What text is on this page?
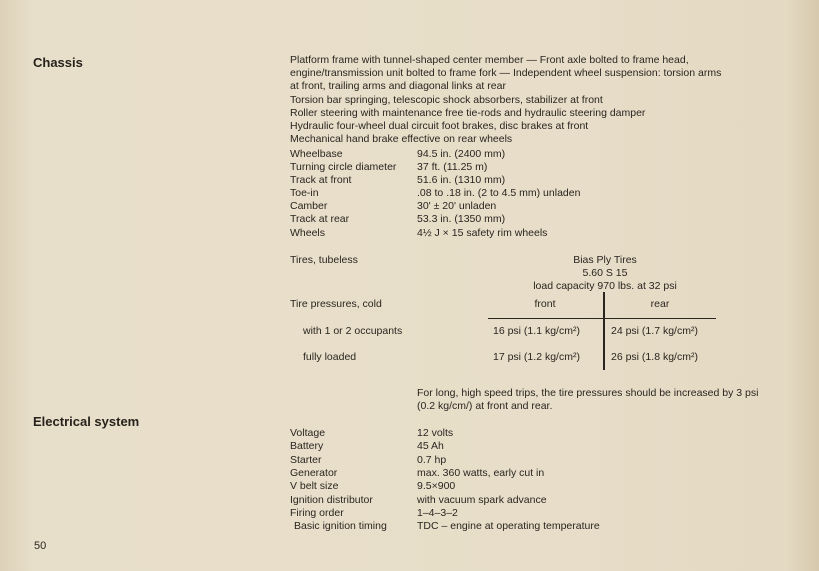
Chassis	Platform frame with tunnel-shaped center member — Front axle bolted to frame head,
engine/transmission unit bolted to frame fork — Independent wheel suspension: torsion arms
at front, trailing arms and diagonal links at rear
Torsion bar springing, telescopic shock absorbers, stabilizer at front
Roller steering with maintenance free tie-rods and hydraulic steering damper
Hydraulic four-wheel dual circuit foot brakes, disc brakes at front
Mechanical hand brake effective on rear wheels
Wheelbase	94.5 in. (2400 mm)
Turning circle diameter 37 ft. (11.25 m)
Track at front	51.6 in. (1310 mm)
Toe-in	.08 to .18 in. (2 to 4.5 mm) unladen
Camber	30' ± 20' unladen
Track at rear	53.3 in. (1350 mm)
Wheels	4½ J × 15 safety rim wheels
Tires, tubeless	Bias Ply Tires
5.60 S 15
load capacity 970 lbs. at 32 psi
Tire pressures, cold	front	rear
with 1 or 2 occupants	16 psi (1.1 kg/cm²)	24 psi (1.7 kg/cm²)
fully loaded	17 psi (1.2 kg/cm²)	26 psi (1.8 kg/cm²)
For long, high speed trips, the tire pressures should be increased by 3 psi
(0.2 kg/cm/) at front and rear.
Electrical system
Voltage	12 volts
Battery	45 Ah
Starter	0.7 hp
Generator	max. 360 watts, early cut in
V belt size	9.5×900
Ignition distributor	with vacuum spark advance
Firing order	1–4–3–2
Basic ignition timing	TDC – engine at operating temperature
50
